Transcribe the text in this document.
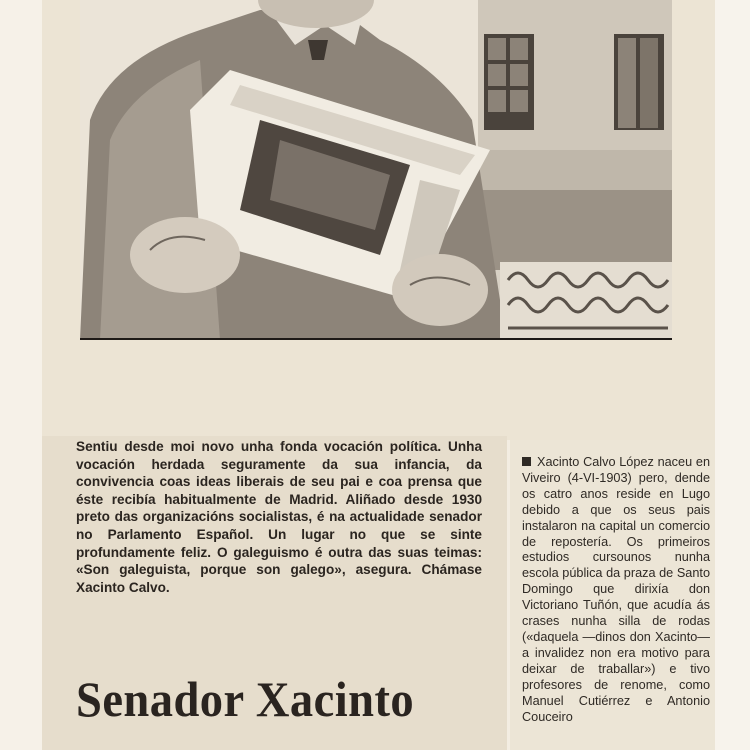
Sentiu desde moi novo unha fonda vocación política. Unha vocación herdada seguramente da sua infancia, da convivencia coas ideas liberais de seu pai e coa prensa que éste recibía habitualmente de Madrid. Aliñado desde 1930 preto das organizacións socialistas, é na actualidade senador no Parlamento Español. Un lugar no que se sinte profundamente feliz. O galeguismo é outra das suas teimas: «Son galeguista, porque son galego», asegura. Chámase Xacinto Calvo.

Senador Xacinto

Xacinto Calvo López naceu en Viveiro (4-VI-1903) pero, dende os catro anos reside en Lugo debido a que os seus pais instalaron na capital un comercio de repostería. Os primeiros estudios cursounos nunha escola pública da praza de Santo Domingo que dirixía don Victoriano Tuñón, que acudía ás crases nunha silla de rodas («daquela —dinos don Xacinto— a invalidez non era motivo para deixar de traballar») e tivo profesores de renome, como Manuel Cutiérrez e Antonio Couceiro
